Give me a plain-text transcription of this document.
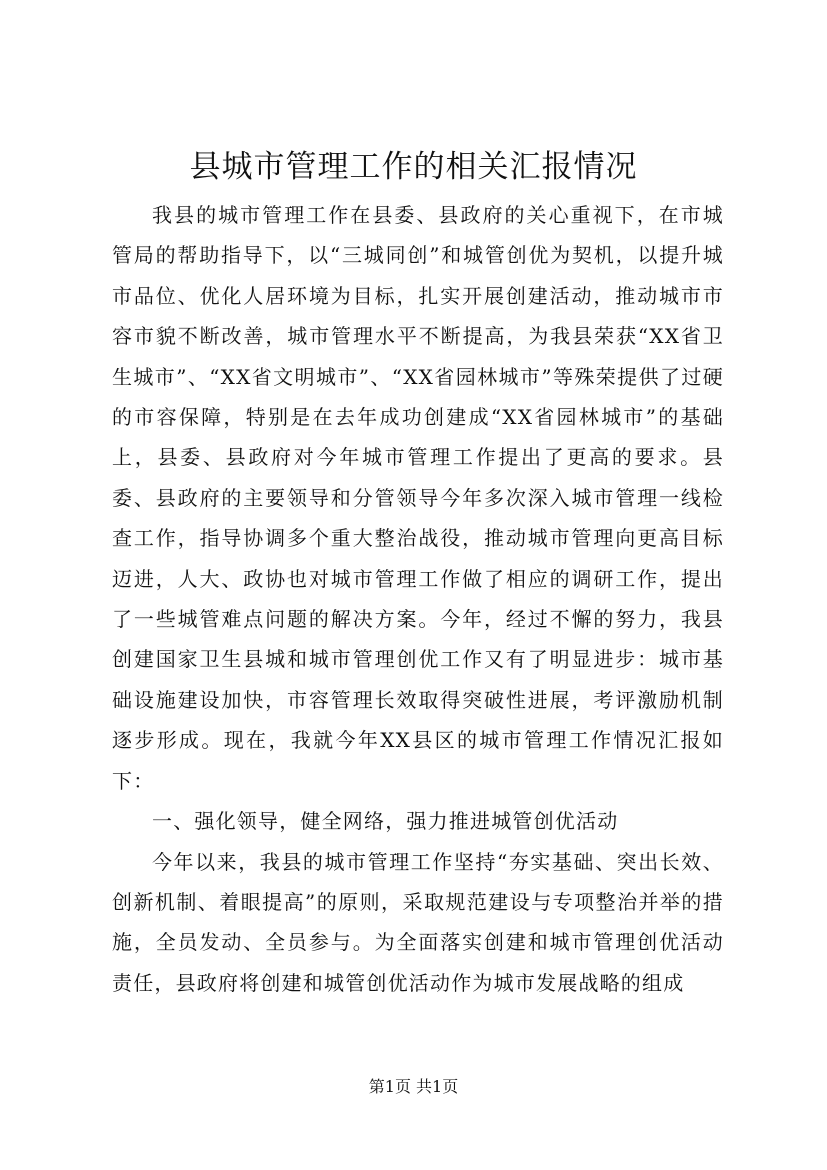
县城市管理工作的相关汇报情况

我县的城市管理工作在县委、县政府的关心重视下，在市城管局的帮助指导下，以“三城同创”和城管创优为契机，以提升城市品位、优化人居环境为目标，扎实开展创建活动，推动城市市容市貌不断改善，城市管理水平不断提高，为我县荣获“XX省卫生城市”、“XX省文明城市”、“XX省园林城市”等殊荣提供了过硬的市容保障，特别是在去年成功创建成“XX省园林城市”的基础上，县委、县政府对今年城市管理工作提出了更高的要求。县委、县政府的主要领导和分管领导今年多次深入城市管理一线检查工作，指导协调多个重大整治战役，推动城市管理向更高目标迈进，人大、政协也对城市管理工作做了相应的调研工作，提出了一些城管难点问题的解决方案。今年，经过不懈的努力，我县创建国家卫生县城和城市管理创优工作又有了明显进步：城市基础设施建设加快，市容管理长效取得突破性进展，考评激励机制逐步形成。现在，我就今年XX县区的城市管理工作情况汇报如下：

一、强化领导，健全网络，强力推进城管创优活动

今年以来，我县的城市管理工作坚持“夯实基础、突出长效、创新机制、着眼提高”的原则，采取规范建设与专项整治并举的措施，全员发动、全员参与。为全面落实创建和城市管理创优活动责任，县政府将创建和城管创优活动作为城市发展战略的组成

第1页 共1页
